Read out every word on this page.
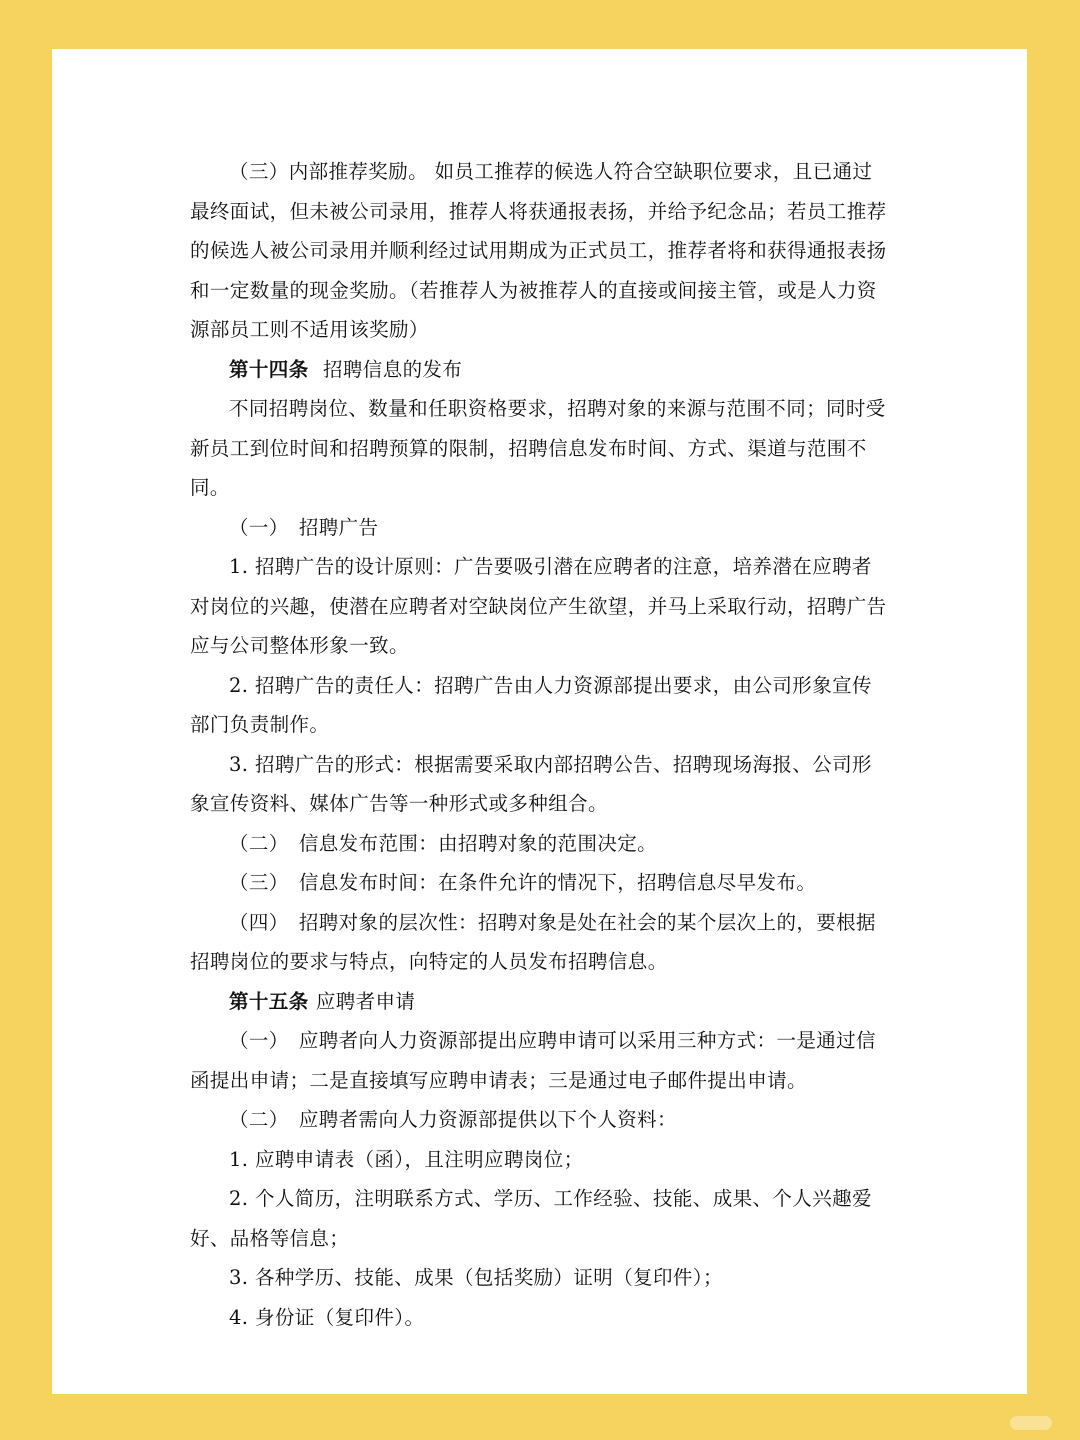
（三）内部推荐奖励。 如员工推荐的候选人符合空缺职位要求，且已通过最终面试，但未被公司录用，推荐人将获通报表扬，并给予纪念品；若员工推荐的候选人被公司录用并顺利经过试用期成为正式员工，推荐者将和获得通报表扬和一定数量的现金奖励。（若推荐人为被推荐人的直接或间接主管，或是人力资源部员工则不适用该奖励）

第十四条 招聘信息的发布

不同招聘岗位、数量和任职资格要求，招聘对象的来源与范围不同；同时受新员工到位时间和招聘预算的限制，招聘信息发布时间、方式、渠道与范围不同。

（一）　招聘广告

1. 招聘广告的设计原则：广告要吸引潜在应聘者的注意，培养潜在应聘者对岗位的兴趣，使潜在应聘者对空缺岗位产生欲望，并马上采取行动，招聘广告应与公司整体形象一致。

2. 招聘广告的责任人：招聘广告由人力资源部提出要求，由公司形象宣传部门负责制作。

3. 招聘广告的形式：根据需要采取内部招聘公告、招聘现场海报、公司形象宣传资料、媒体广告等一种形式或多种组合。

（二）　信息发布范围：由招聘对象的范围决定。

（三）　信息发布时间：在条件允许的情况下，招聘信息尽早发布。

（四）　招聘对象的层次性：招聘对象是处在社会的某个层次上的，要根据招聘岗位的要求与特点，向特定的人员发布招聘信息。

第十五条 应聘者申请

（一）　应聘者向人力资源部提出应聘申请可以采用三种方式：一是通过信函提出申请；二是直接填写应聘申请表；三是通过电子邮件提出申请。

（二）　应聘者需向人力资源部提供以下个人资料：

1. 应聘申请表（函），且注明应聘岗位；

2. 个人简历，注明联系方式、学历、工作经验、技能、成果、个人兴趣爱好、品格等信息；

3. 各种学历、技能、成果（包括奖励）证明（复印件）；

4. 身份证（复印件）。
